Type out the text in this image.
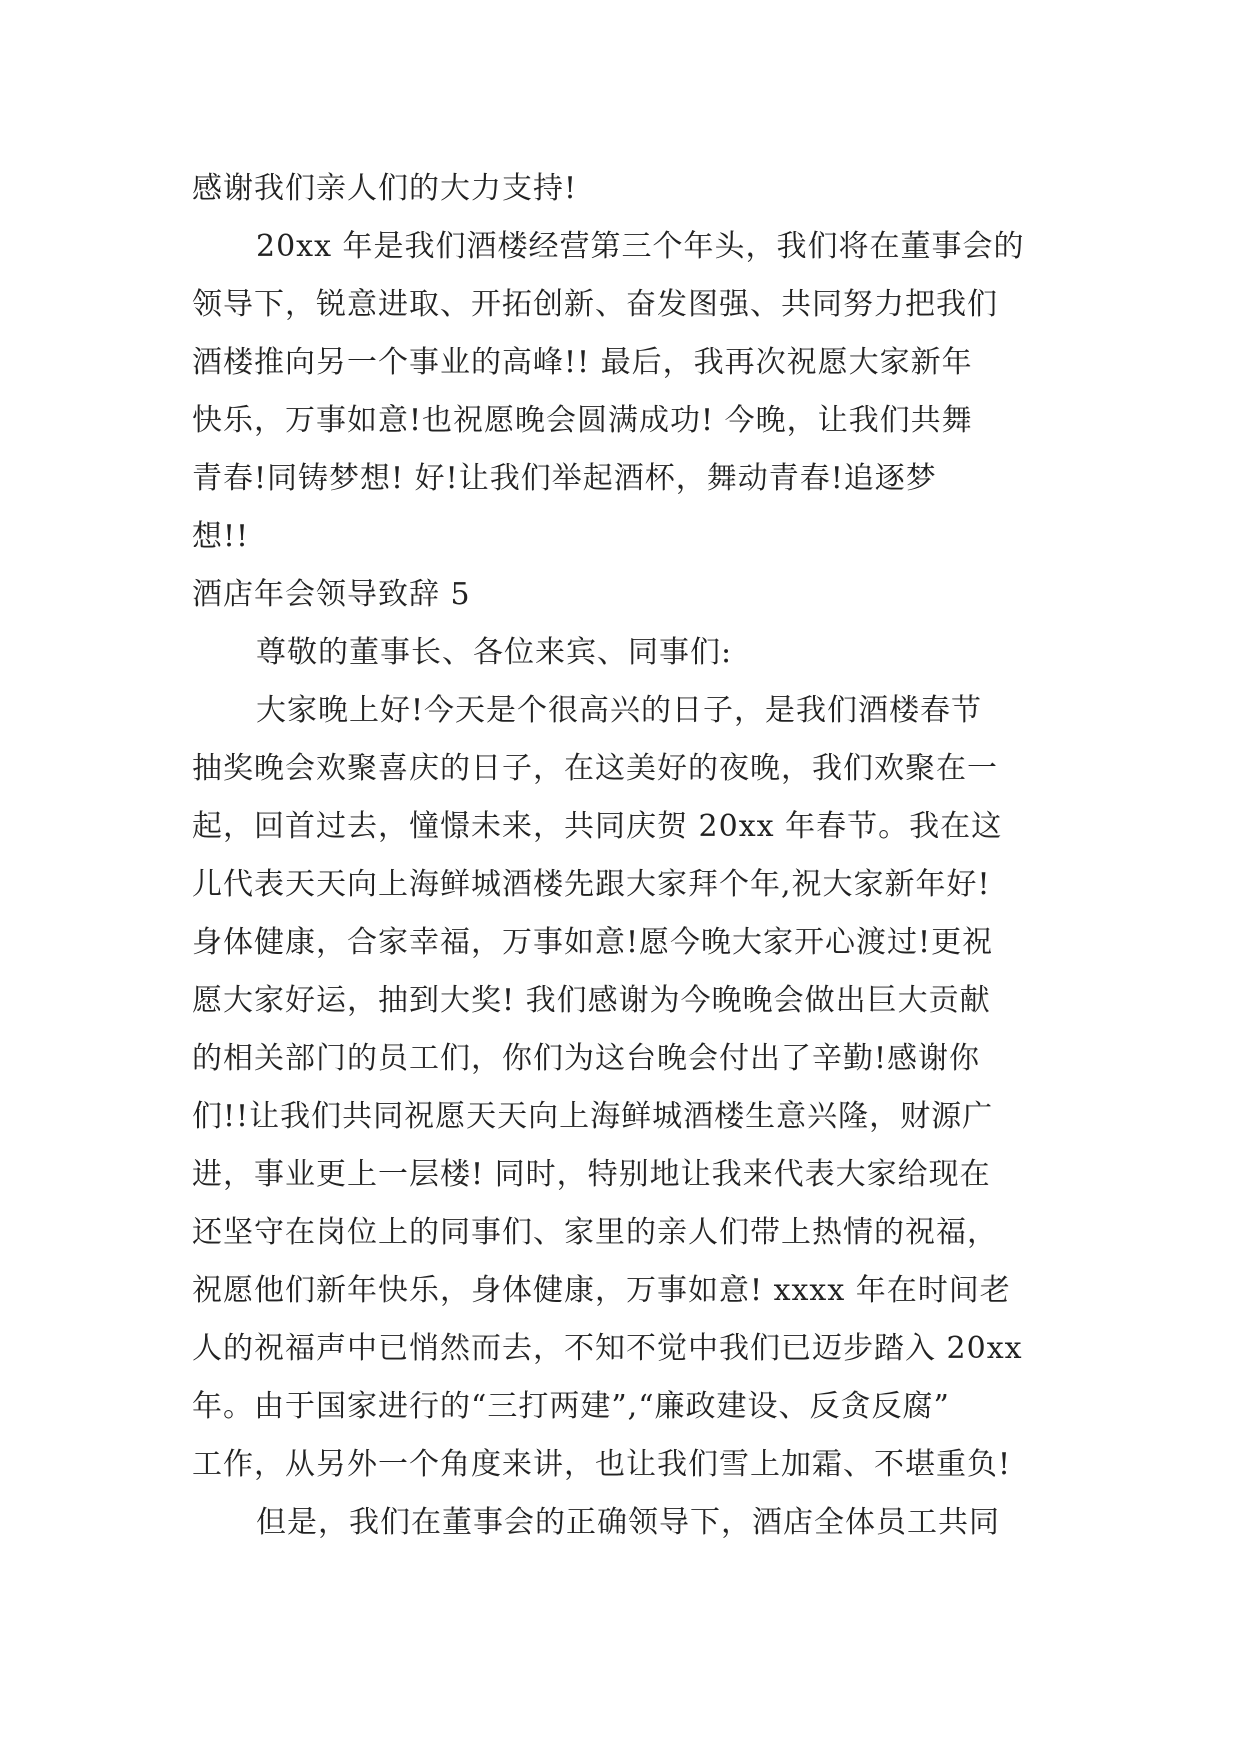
感谢我们亲人们的大力支持!
20xx 年是我们酒楼经营第三个年头，我们将在董事会的
领导下，锐意进取、开拓创新、奋发图强、共同努力把我们
酒楼推向另一个事业的高峰!! 最后，我再次祝愿大家新年
快乐，万事如意!也祝愿晚会圆满成功! 今晚，让我们共舞
青春!同铸梦想! 好!让我们举起酒杯，舞动青春!追逐梦
想!!
酒店年会领导致辞 5
尊敬的董事长、各位来宾、同事们:
大家晚上好!今天是个很高兴的日子，是我们酒楼春节
抽奖晚会欢聚喜庆的日子，在这美好的夜晚，我们欢聚在一
起，回首过去，憧憬未来，共同庆贺 20xx 年春节。我在这
儿代表天天向上海鲜城酒楼先跟大家拜个年,祝大家新年好!
身体健康，合家幸福，万事如意!愿今晚大家开心渡过!更祝
愿大家好运，抽到大奖! 我们感谢为今晚晚会做出巨大贡献
的相关部门的员工们，你们为这台晚会付出了辛勤!感谢你
们!!让我们共同祝愿天天向上海鲜城酒楼生意兴隆，财源广
进，事业更上一层楼! 同时，特别地让我来代表大家给现在
还坚守在岗位上的同事们、家里的亲人们带上热情的祝福，
祝愿他们新年快乐，身体健康，万事如意! xxxx 年在时间老
人的祝福声中已悄然而去，不知不觉中我们已迈步踏入 20xx
年。由于国家进行的“三打两建”,“廉政建设、反贪反腐”
工作，从另外一个角度来讲，也让我们雪上加霜、不堪重负!
但是，我们在董事会的正确领导下，酒店全体员工共同
